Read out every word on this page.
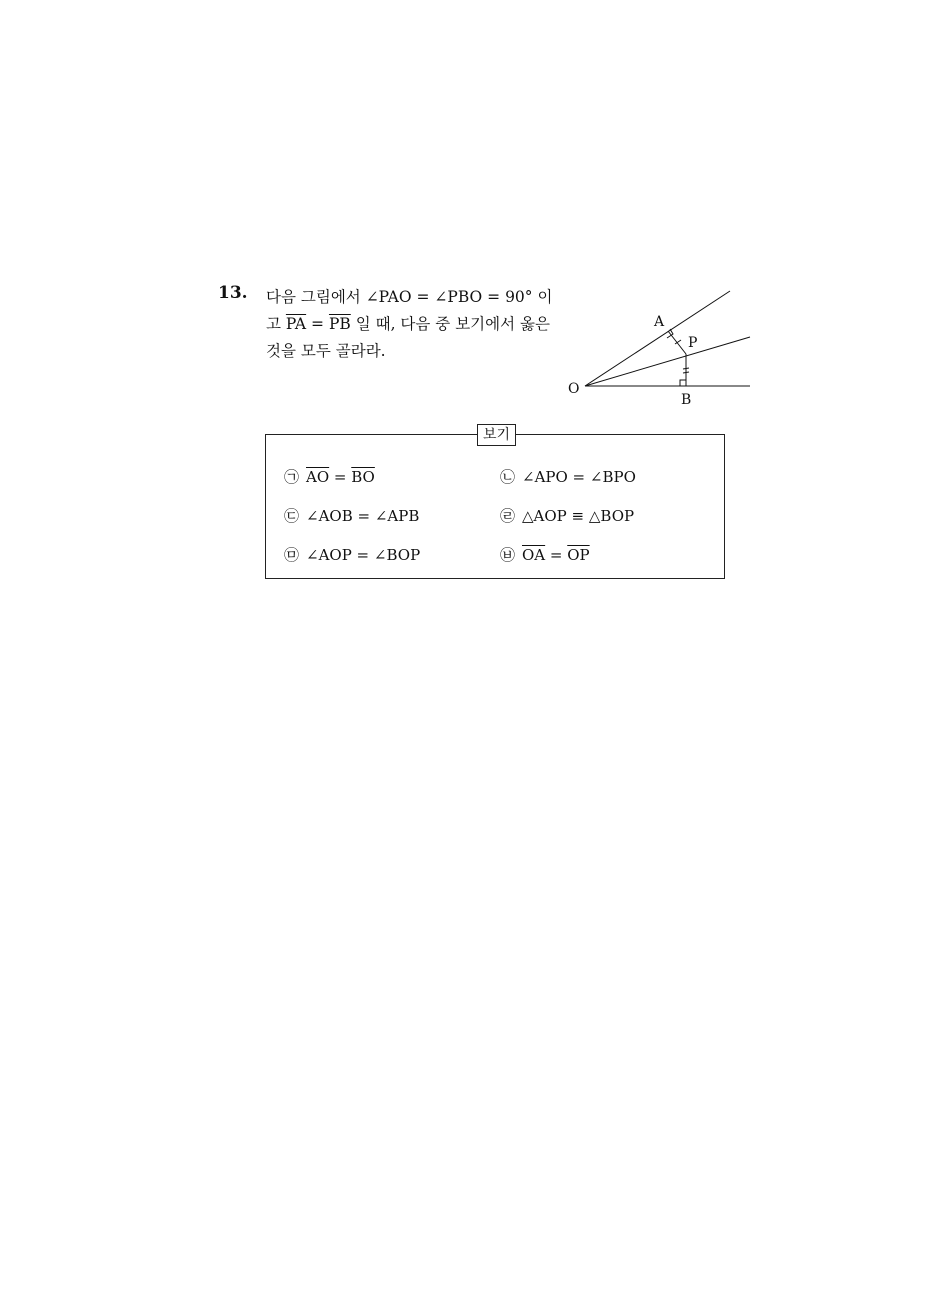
13. 다음 그림에서 ∠PAO = ∠PBO = 90° 이
고 $\overline{PA} = \overline{PB}$ 일 때, 다음 중 보기에서 옳은
것을 모두 골라라.
A
P
O
B
보기
㉠ $\overline{AO} = \overline{BO}$	㉡ ∠APO = ∠BPO
㉢ ∠AOB = ∠APB	㉣ △AOP ≡ △BOP
㉤ ∠AOP = ∠BOP	㉥ $\overline{OA} = \overline{OP}$
